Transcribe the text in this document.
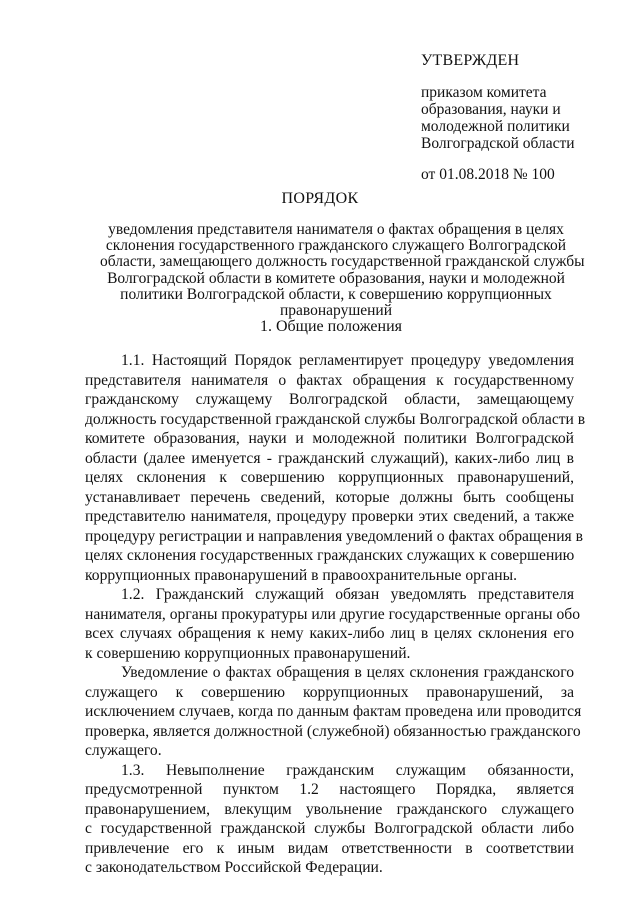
УТВЕРЖДЕН
приказом комитета
образования, науки и
молодежной политики
Волгоградской области
от 01.08.2018 № 100
ПОРЯДОК
уведомления представителя нанимателя о фактах обращения в целях
склонения государственного гражданского служащего Волгоградской
области, замещающего должность государственной гражданской службы
Волгоградской области в комитете образования, науки и молодежной
политики Волгоградской области, к совершению коррупционных
правонарушений
1. Общие положения
1.1. Настоящий Порядок регламентирует процедуру уведомления
представителя нанимателя о фактах обращения к государственному
гражданскому служащему Волгоградской области, замещающему
должность государственной гражданской службы Волгоградской области в
комитете образования, науки и молодежной политики Волгоградской
области (далее именуется - гражданский служащий), каких-либо лиц в
целях склонения к совершению коррупционных правонарушений,
устанавливает перечень сведений, которые должны быть сообщены
представителю нанимателя, процедуру проверки этих сведений, а также
процедуру регистрации и направления уведомлений о фактах обращения в
целях склонения государственных гражданских служащих к совершению
коррупционных правонарушений в правоохранительные органы.
1.2. Гражданский служащий обязан уведомлять представителя
нанимателя, органы прокуратуры или другие государственные органы обо
всех случаях обращения к нему каких-либо лиц в целях склонения его
к совершению коррупционных правонарушений.
Уведомление о фактах обращения в целях склонения гражданского
служащего к совершению коррупционных правонарушений, за
исключением случаев, когда по данным фактам проведена или проводится
проверка, является должностной (служебной) обязанностью гражданского
служащего.
1.3. Невыполнение гражданским служащим обязанности,
предусмотренной пунктом 1.2 настоящего Порядка, является
правонарушением, влекущим увольнение гражданского служащего
с государственной гражданской службы Волгоградской области либо
привлечение его к иным видам ответственности в соответствии
с законодательством Российской Федерации.
